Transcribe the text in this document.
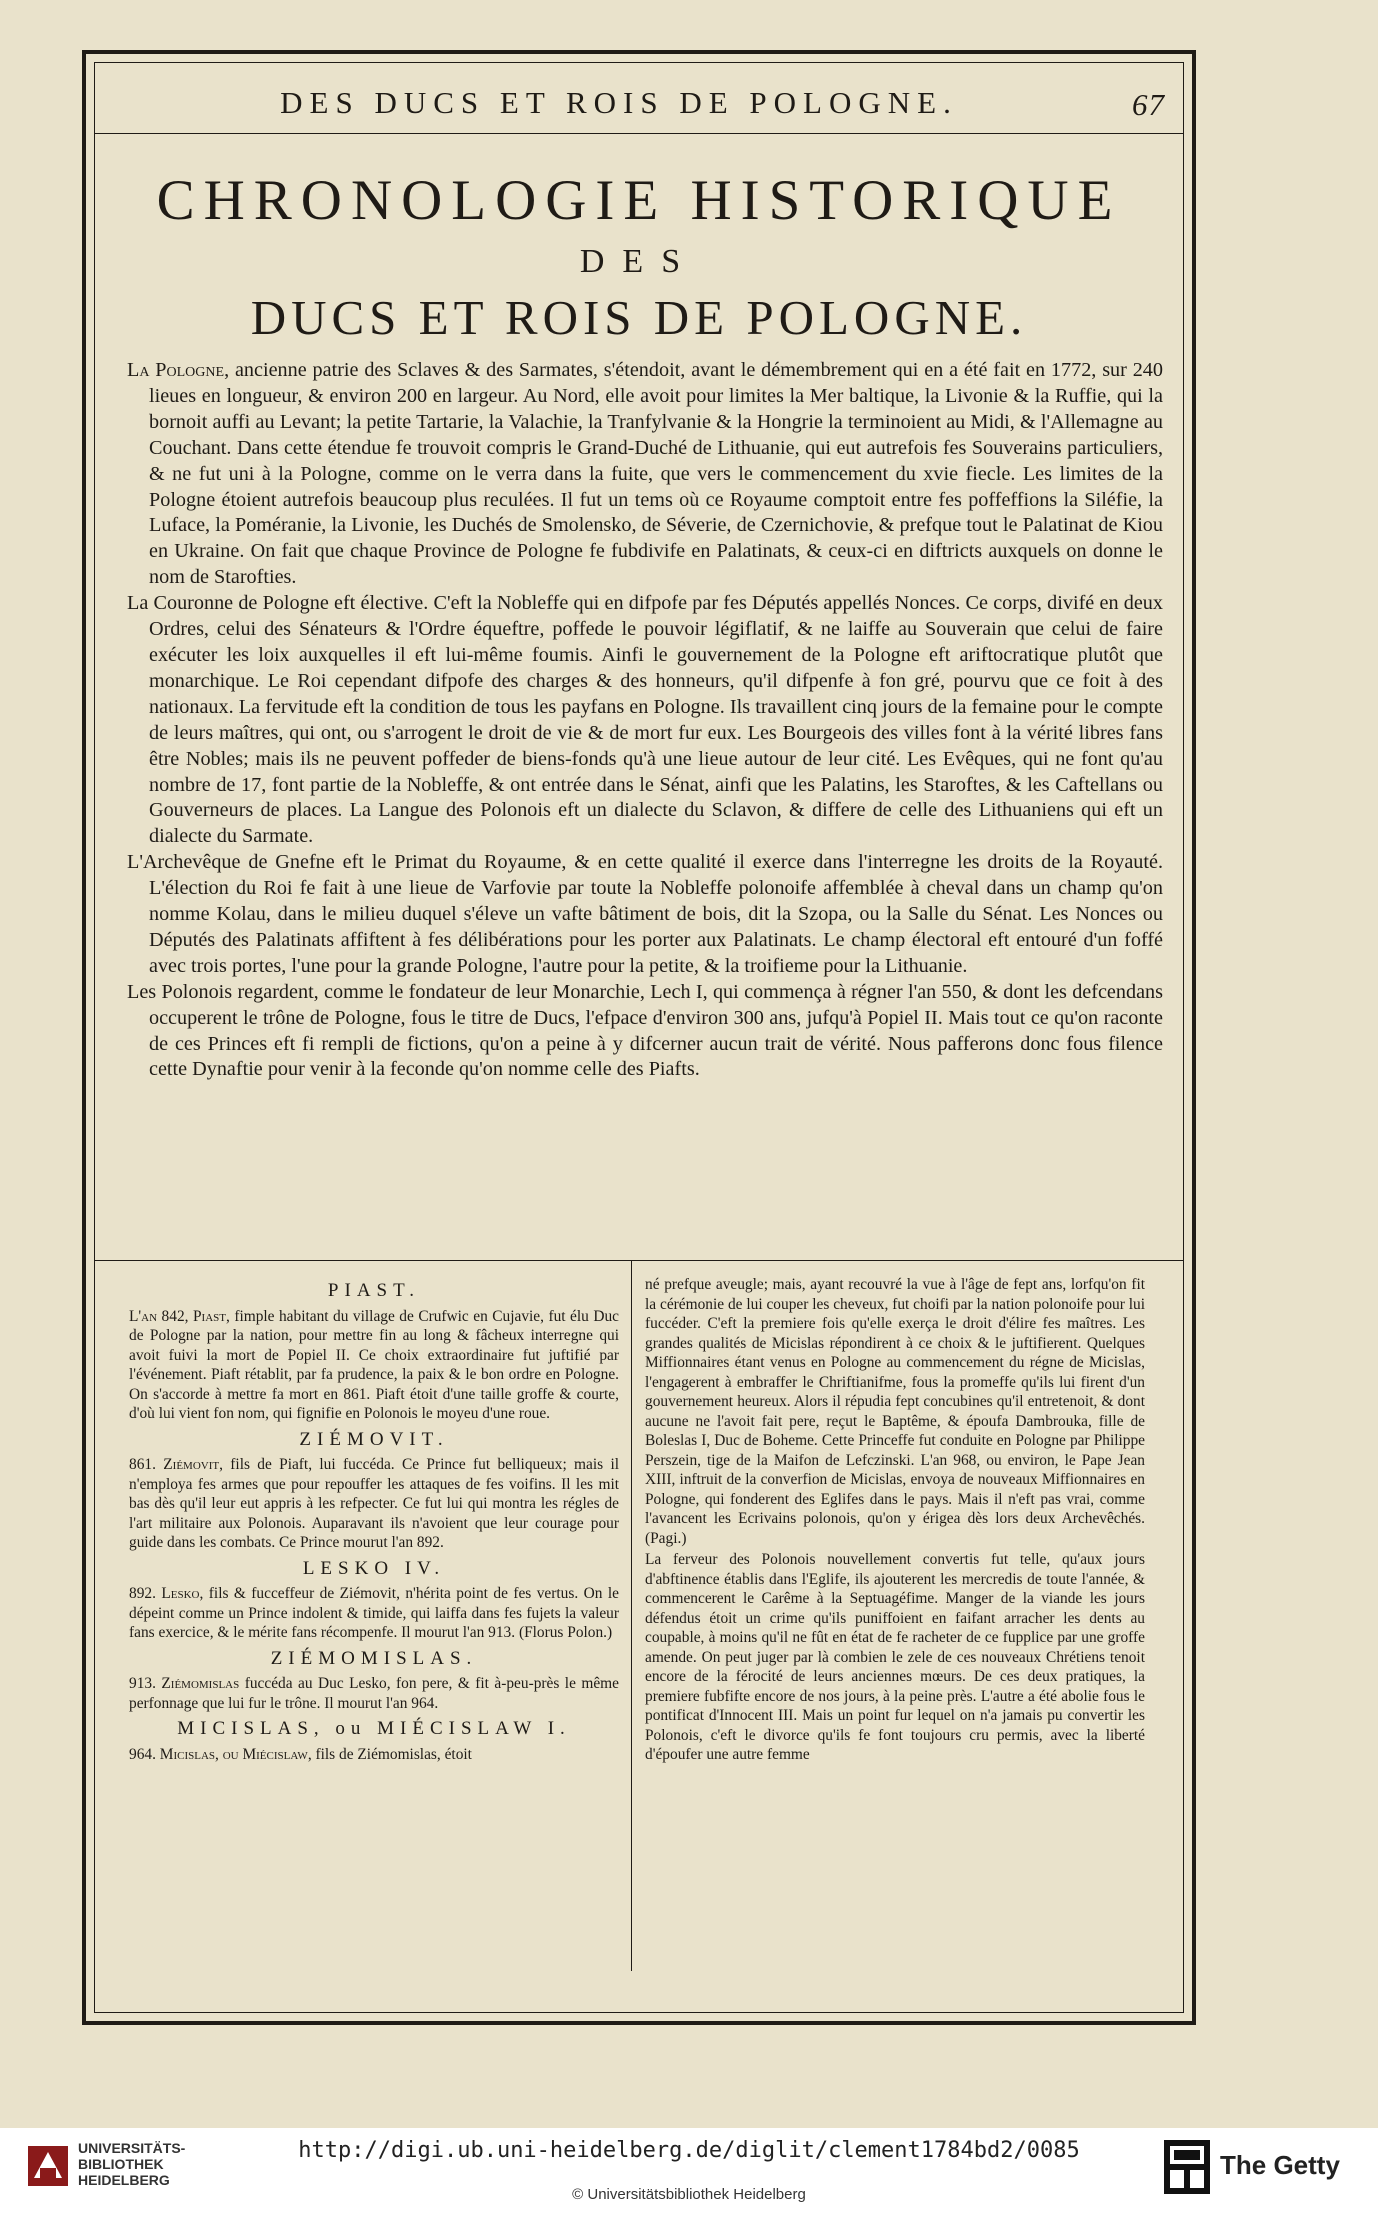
DES DUCS ET ROIS DE POLOGNE.	67
CHRONOLOGIE HISTORIQUE
DES
DUCS ET ROIS DE POLOGNE.

La Pologne, ancienne patrie des Sclaves & des Sarmates, s'étendoit, avant le démembrement qui en a été fait en 1772, sur 240 lieues en longueur, & environ 200 en largeur. Au Nord, elle avoit pour limites la Mer baltique, la Livonie & la Ruffie, qui la bornoit auffi au Levant; la petite Tartarie, la Valachie, la Tranfylvanie & la Hongrie la terminoient au Midi, & l'Allemagne au Couchant. Dans cette étendue fe trouvoit compris le Grand-Duché de Lithuanie, qui eut autrefois fes Souverains particuliers, & ne fut uni à la Pologne, comme on le verra dans la fuite, que vers le commencement du xvie fiecle. Les limites de la Pologne étoient autrefois beaucoup plus reculées. Il fut un tems où ce Royaume comptoit entre fes poffeffions la Siléfie, la Luface, la Poméranie, la Livonie, les Duchés de Smolensko, de Séverie, de Czernichovie, & prefque tout le Palatinat de Kiou en Ukraine. On fait que chaque Province de Pologne fe fubdivife en Palatinats, & ceux-ci en diftricts auxquels on donne le nom de Starofties.

La Couronne de Pologne eft élective. C'eft la Nobleffe qui en difpofe par fes Députés appellés Nonces. Ce corps, divifé en deux Ordres, celui des Sénateurs & l'Ordre équeftre, poffede le pouvoir légiflatif, & ne laiffe au Souverain que celui de faire exécuter les loix auxquelles il eft lui-même foumis. Ainfi le gouvernement de la Pologne eft ariftocratique plutôt que monarchique. Le Roi cependant difpofe des charges & des honneurs, qu'il difpenfe à fon gré, pourvu que ce foit à des nationaux. La fervitude eft la condition de tous les payfans en Pologne. Ils travaillent cinq jours de la femaine pour le compte de leurs maîtres, qui ont, ou s'arrogent le droit de vie & de mort fur eux. Les Bourgeois des villes font à la vérité libres fans être Nobles; mais ils ne peuvent poffeder de biens-fonds qu'à une lieue autour de leur cité. Les Evêques, qui ne font qu'au nombre de 17, font partie de la Nobleffe, & ont entrée dans le Sénat, ainfi que les Palatins, les Staroftes, & les Caftellans ou Gouverneurs de places. La Langue des Polonois eft un dialecte du Sclavon, & differe de celle des Lithuaniens qui eft un dialecte du Sarmate.

L'Archevêque de Gnefne eft le Primat du Royaume, & en cette qualité il exerce dans l'interregne les droits de la Royauté. L'élection du Roi fe fait à une lieue de Varfovie par toute la Nobleffe polonoife affemblée à cheval dans un champ qu'on nomme Kolau, dans le milieu duquel s'éleve un vafte bâtiment de bois, dit la Szopa, ou la Salle du Sénat. Les Nonces ou Députés des Palatinats affiftent à fes délibérations pour les porter aux Palatinats. Le champ électoral eft entouré d'un foffé avec trois portes, l'une pour la grande Pologne, l'autre pour la petite, & la troifieme pour la Lithuanie.

Les Polonois regardent, comme le fondateur de leur Monarchie, Lech I, qui commença à régner l'an 550, & dont les defcendans occuperent le trône de Pologne, fous le titre de Ducs, l'efpace d'environ 300 ans, jufqu'à Popiel II. Mais tout ce qu'on raconte de ces Princes eft fi rempli de fictions, qu'on a peine à y difcerner aucun trait de vérité. Nous pafferons donc fous filence cette Dynaftie pour venir à la feconde qu'on nomme celle des Piafts.

PIAST.

L'an 842, Piast, fimple habitant du village de Crufwic en Cujavie, fut élu Duc de Pologne par la nation, pour mettre fin au long & fâcheux interregne qui avoit fuivi la mort de Popiel II. Ce choix extraordinaire fut juftifié par l'événement. Piaft rétablit, par fa prudence, la paix & le bon ordre en Pologne. On s'accorde à mettre fa mort en 861. Piaft étoit d'une taille groffe & courte, d'où lui vient fon nom, qui fignifie en Polonois le moyeu d'une roue.

ZIÉMOVIT.

861. Ziémovit, fils de Piaft, lui fuccéda. Ce Prince fut belliqueux; mais il n'employa fes armes que pour repouffer les attaques de fes voifins. Il les mit bas dès qu'il leur eut appris à les refpecter. Ce fut lui qui montra les régles de l'art militaire aux Polonois. Auparavant ils n'avoient que leur courage pour guide dans les combats. Ce Prince mourut l'an 892.

LESKO IV.

892. Lesko, fils & fucceffeur de Ziémovit, n'hérita point de fes vertus. On le dépeint comme un Prince indolent & timide, qui laiffa dans fes fujets la valeur fans exercice, & le mérite fans récompenfe. Il mourut l'an 913. (Florus Polon.)

ZIÉMOMISLAS.

913. Ziémomislas fuccéda au Duc Lesko, fon pere, & fit à-peu-près le même perfonnage que lui fur le trône. Il mourut l'an 964.

MICISLAS, ou MIÉCISLAW I.

964. Micislas, ou Miécislaw, fils de Ziémomislas, étoit

né prefque aveugle; mais, ayant recouvré la vue à l'âge de fept ans, lorfqu'on fit la cérémonie de lui couper les cheveux, fut choifi par la nation polonoife pour lui fuccéder. C'eft la premiere fois qu'elle exerça le droit d'élire fes maîtres. Les grandes qualités de Micislas répondirent à ce choix & le juftifierent. Quelques Miffionnaires étant venus en Pologne au commencement du régne de Micislas, l'engagerent à embraffer le Chriftianifme, fous la promeffe qu'ils lui firent d'un gouvernement heureux. Alors il répudia fept concubines qu'il entretenoit, & dont aucune ne l'avoit fait pere, reçut le Baptême, & époufa Dambrouka, fille de Boleslas I, Duc de Boheme. Cette Princeffe fut conduite en Pologne par Philippe Perszein, tige de la Maifon de Lefczinski. L'an 968, ou environ, le Pape Jean XIII, inftruit de la converfion de Micislas, envoya de nouveaux Miffionnaires en Pologne, qui fonderent des Eglifes dans le pays. Mais il n'eft pas vrai, comme l'avancent les Ecrivains polonois, qu'on y érigea dès lors deux Archevêchés. (Pagi.)

La ferveur des Polonois nouvellement convertis fut telle, qu'aux jours d'abftinence établis dans l'Eglife, ils ajouterent les mercredis de toute l'année, & commencerent le Carême à la Septuagéfime. Manger de la viande les jours défendus étoit un crime qu'ils puniffoient en faifant arracher les dents au coupable, à moins qu'il ne fût en état de fe racheter de ce fupplice par une groffe amende. On peut juger par là combien le zele de ces nouveaux Chrétiens tenoit encore de la férocité de leurs anciennes mœurs. De ces deux pratiques, la premiere fubfifte encore de nos jours, à la peine près. L'autre a été abolie fous le pontificat d'Innocent III. Mais un point fur lequel on n'a jamais pu convertir les Polonois, c'eft le divorce qu'ils fe font toujours cru permis, avec la liberté d'époufer une autre femme

UNIVERSITÄTS-
BIBLIOTHEK
HEIDELBERG
http://digi.ub.uni-heidelberg.de/diglit/clement1784bd2/0085
© Universitätsbibliothek Heidelberg
The Getty
